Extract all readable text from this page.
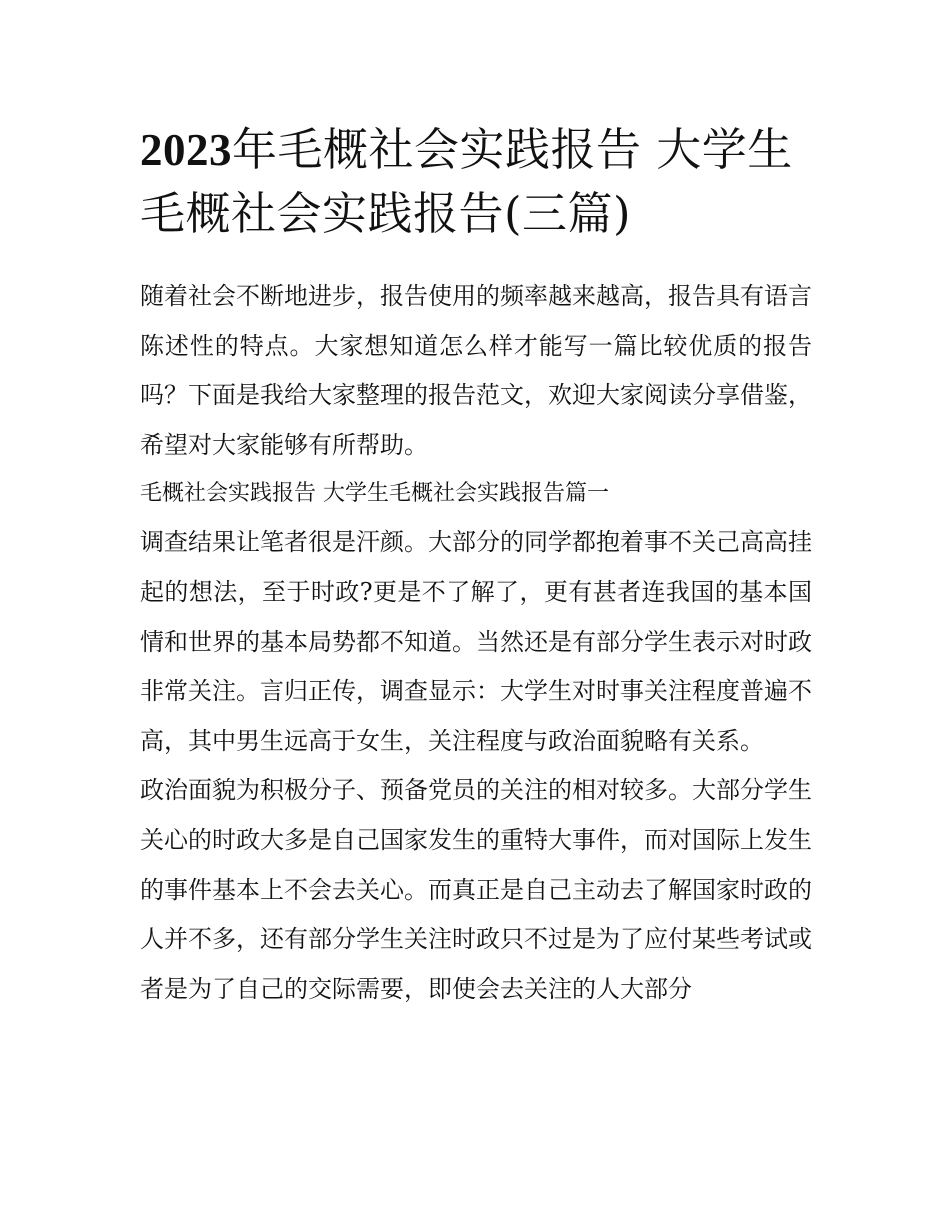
2023年毛概社会实践报告 大学生毛概社会实践报告(三篇)

随着社会不断地进步，报告使用的频率越来越高，报告具有语言陈述性的特点。大家想知道怎么样才能写一篇比较优质的报告吗？下面是我给大家整理的报告范文，欢迎大家阅读分享借鉴，希望对大家能够有所帮助。

毛概社会实践报告 大学生毛概社会实践报告篇一

调查结果让笔者很是汗颜。大部分的同学都抱着事不关己高高挂起的想法，至于时政?更是不了解了，更有甚者连我国的基本国情和世界的基本局势都不知道。当然还是有部分学生表示对时政非常关注。言归正传，调查显示：大学生对时事关注程度普遍不高，其中男生远高于女生，关注程度与政治面貌略有关系。

政治面貌为积极分子、预备党员的关注的相对较多。大部分学生关心的时政大多是自己国家发生的重特大事件，而对国际上发生的事件基本上不会去关心。而真正是自己主动去了解国家时政的人并不多，还有部分学生关注时政只不过是为了应付某些考试或者是为了自己的交际需要，即使会去关注的人大部分
